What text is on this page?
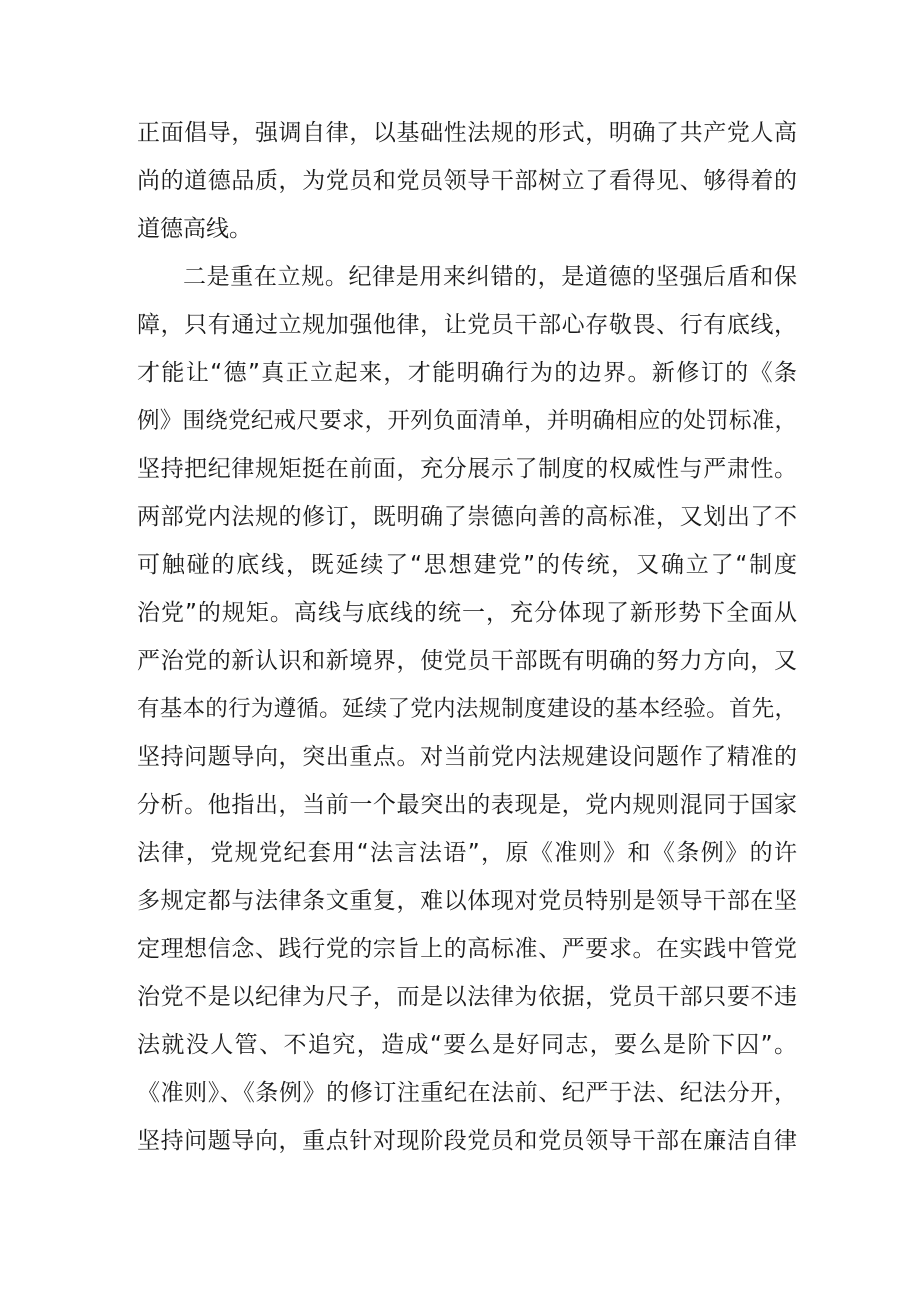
正面倡导，强调自律，以基础性法规的形式，明确了共产党人高
尚的道德品质，为党员和党员领导干部树立了看得见、够得着的
道德高线。
二是重在立规。纪律是用来纠错的，是道德的坚强后盾和保
障，只有通过立规加强他律，让党员干部心存敬畏、行有底线，
才能让“德”真正立起来，才能明确行为的边界。新修订的《条
例》围绕党纪戒尺要求，开列负面清单，并明确相应的处罚标准，
坚持把纪律规矩挺在前面，充分展示了制度的权威性与严肃性。
两部党内法规的修订，既明确了崇德向善的高标准，又划出了不
可触碰的底线，既延续了“思想建党”的传统，又确立了“制度
治党”的规矩。高线与底线的统一，充分体现了新形势下全面从
严治党的新认识和新境界，使党员干部既有明确的努力方向，又
有基本的行为遵循。延续了党内法规制度建设的基本经验。首先，
坚持问题导向，突出重点。对当前党内法规建设问题作了精准的
分析。他指出，当前一个最突出的表现是，党内规则混同于国家
法律，党规党纪套用“法言法语”，原《准则》和《条例》的许
多规定都与法律条文重复，难以体现对党员特别是领导干部在坚
定理想信念、践行党的宗旨上的高标准、严要求。在实践中管党
治党不是以纪律为尺子，而是以法律为依据，党员干部只要不违
法就没人管、不追究，造成“要么是好同志，要么是阶下囚”。
《准则》、《条例》的修订注重纪在法前、纪严于法、纪法分开，
坚持问题导向，重点针对现阶段党员和党员领导干部在廉洁自律
